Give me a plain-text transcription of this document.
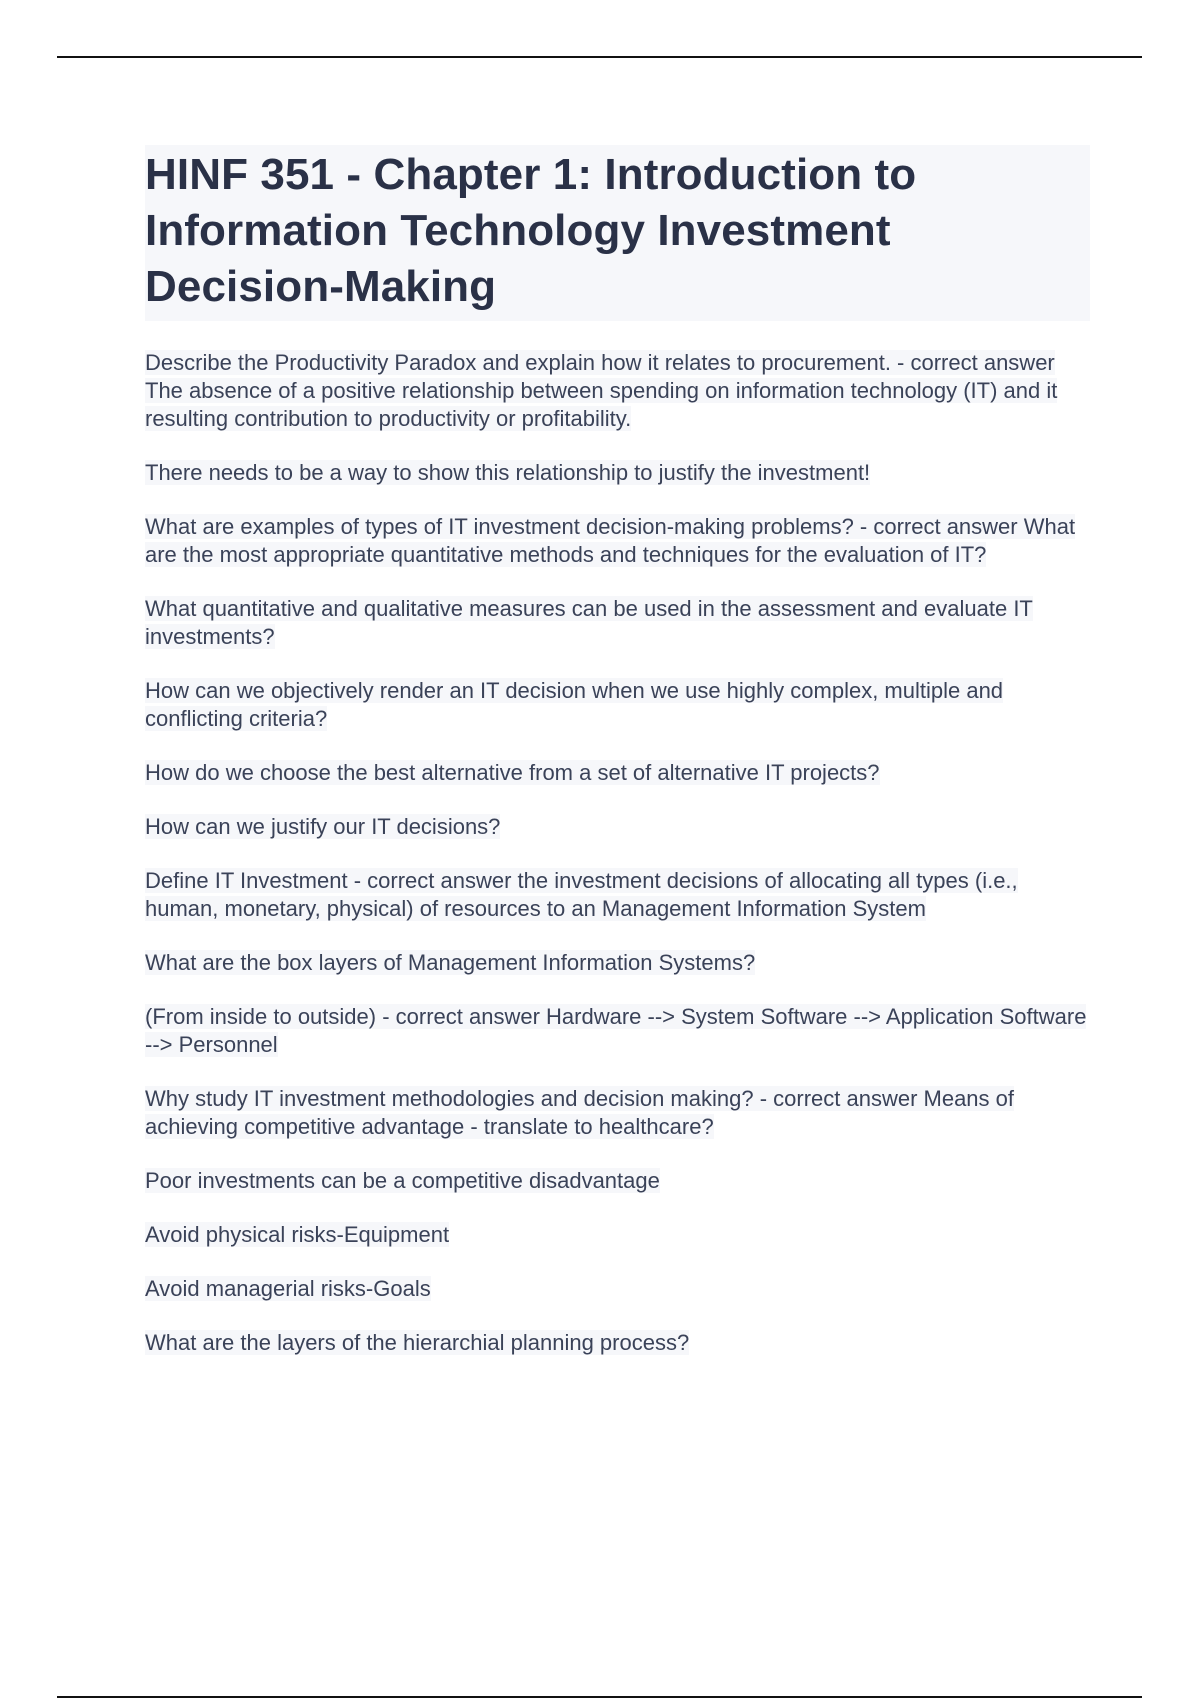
HINF 351 - Chapter 1: Introduction to Information Technology Investment Decision-Making

Describe the Productivity Paradox and explain how it relates to procurement. - correct answer The absence of a positive relationship between spending on information technology (IT) and it resulting contribution to productivity or profitability.

There needs to be a way to show this relationship to justify the investment!

What are examples of types of IT investment decision-making problems? - correct answer What are the most appropriate quantitative methods and techniques for the evaluation of IT?

What quantitative and qualitative measures can be used in the assessment and evaluate IT investments?

How can we objectively render an IT decision when we use highly complex, multiple and conflicting criteria?

How do we choose the best alternative from a set of alternative IT projects?

How can we justify our IT decisions?

Define IT Investment - correct answer the investment decisions of allocating all types (i.e., human, monetary, physical) of resources to an Management Information System

What are the box layers of Management Information Systems?

(From inside to outside) - correct answer Hardware --> System Software --> Application Software --> Personnel

Why study IT investment methodologies and decision making? - correct answer Means of achieving competitive advantage - translate to healthcare?

Poor investments can be a competitive disadvantage

Avoid physical risks-Equipment

Avoid managerial risks-Goals

What are the layers of the hierarchial planning process?
